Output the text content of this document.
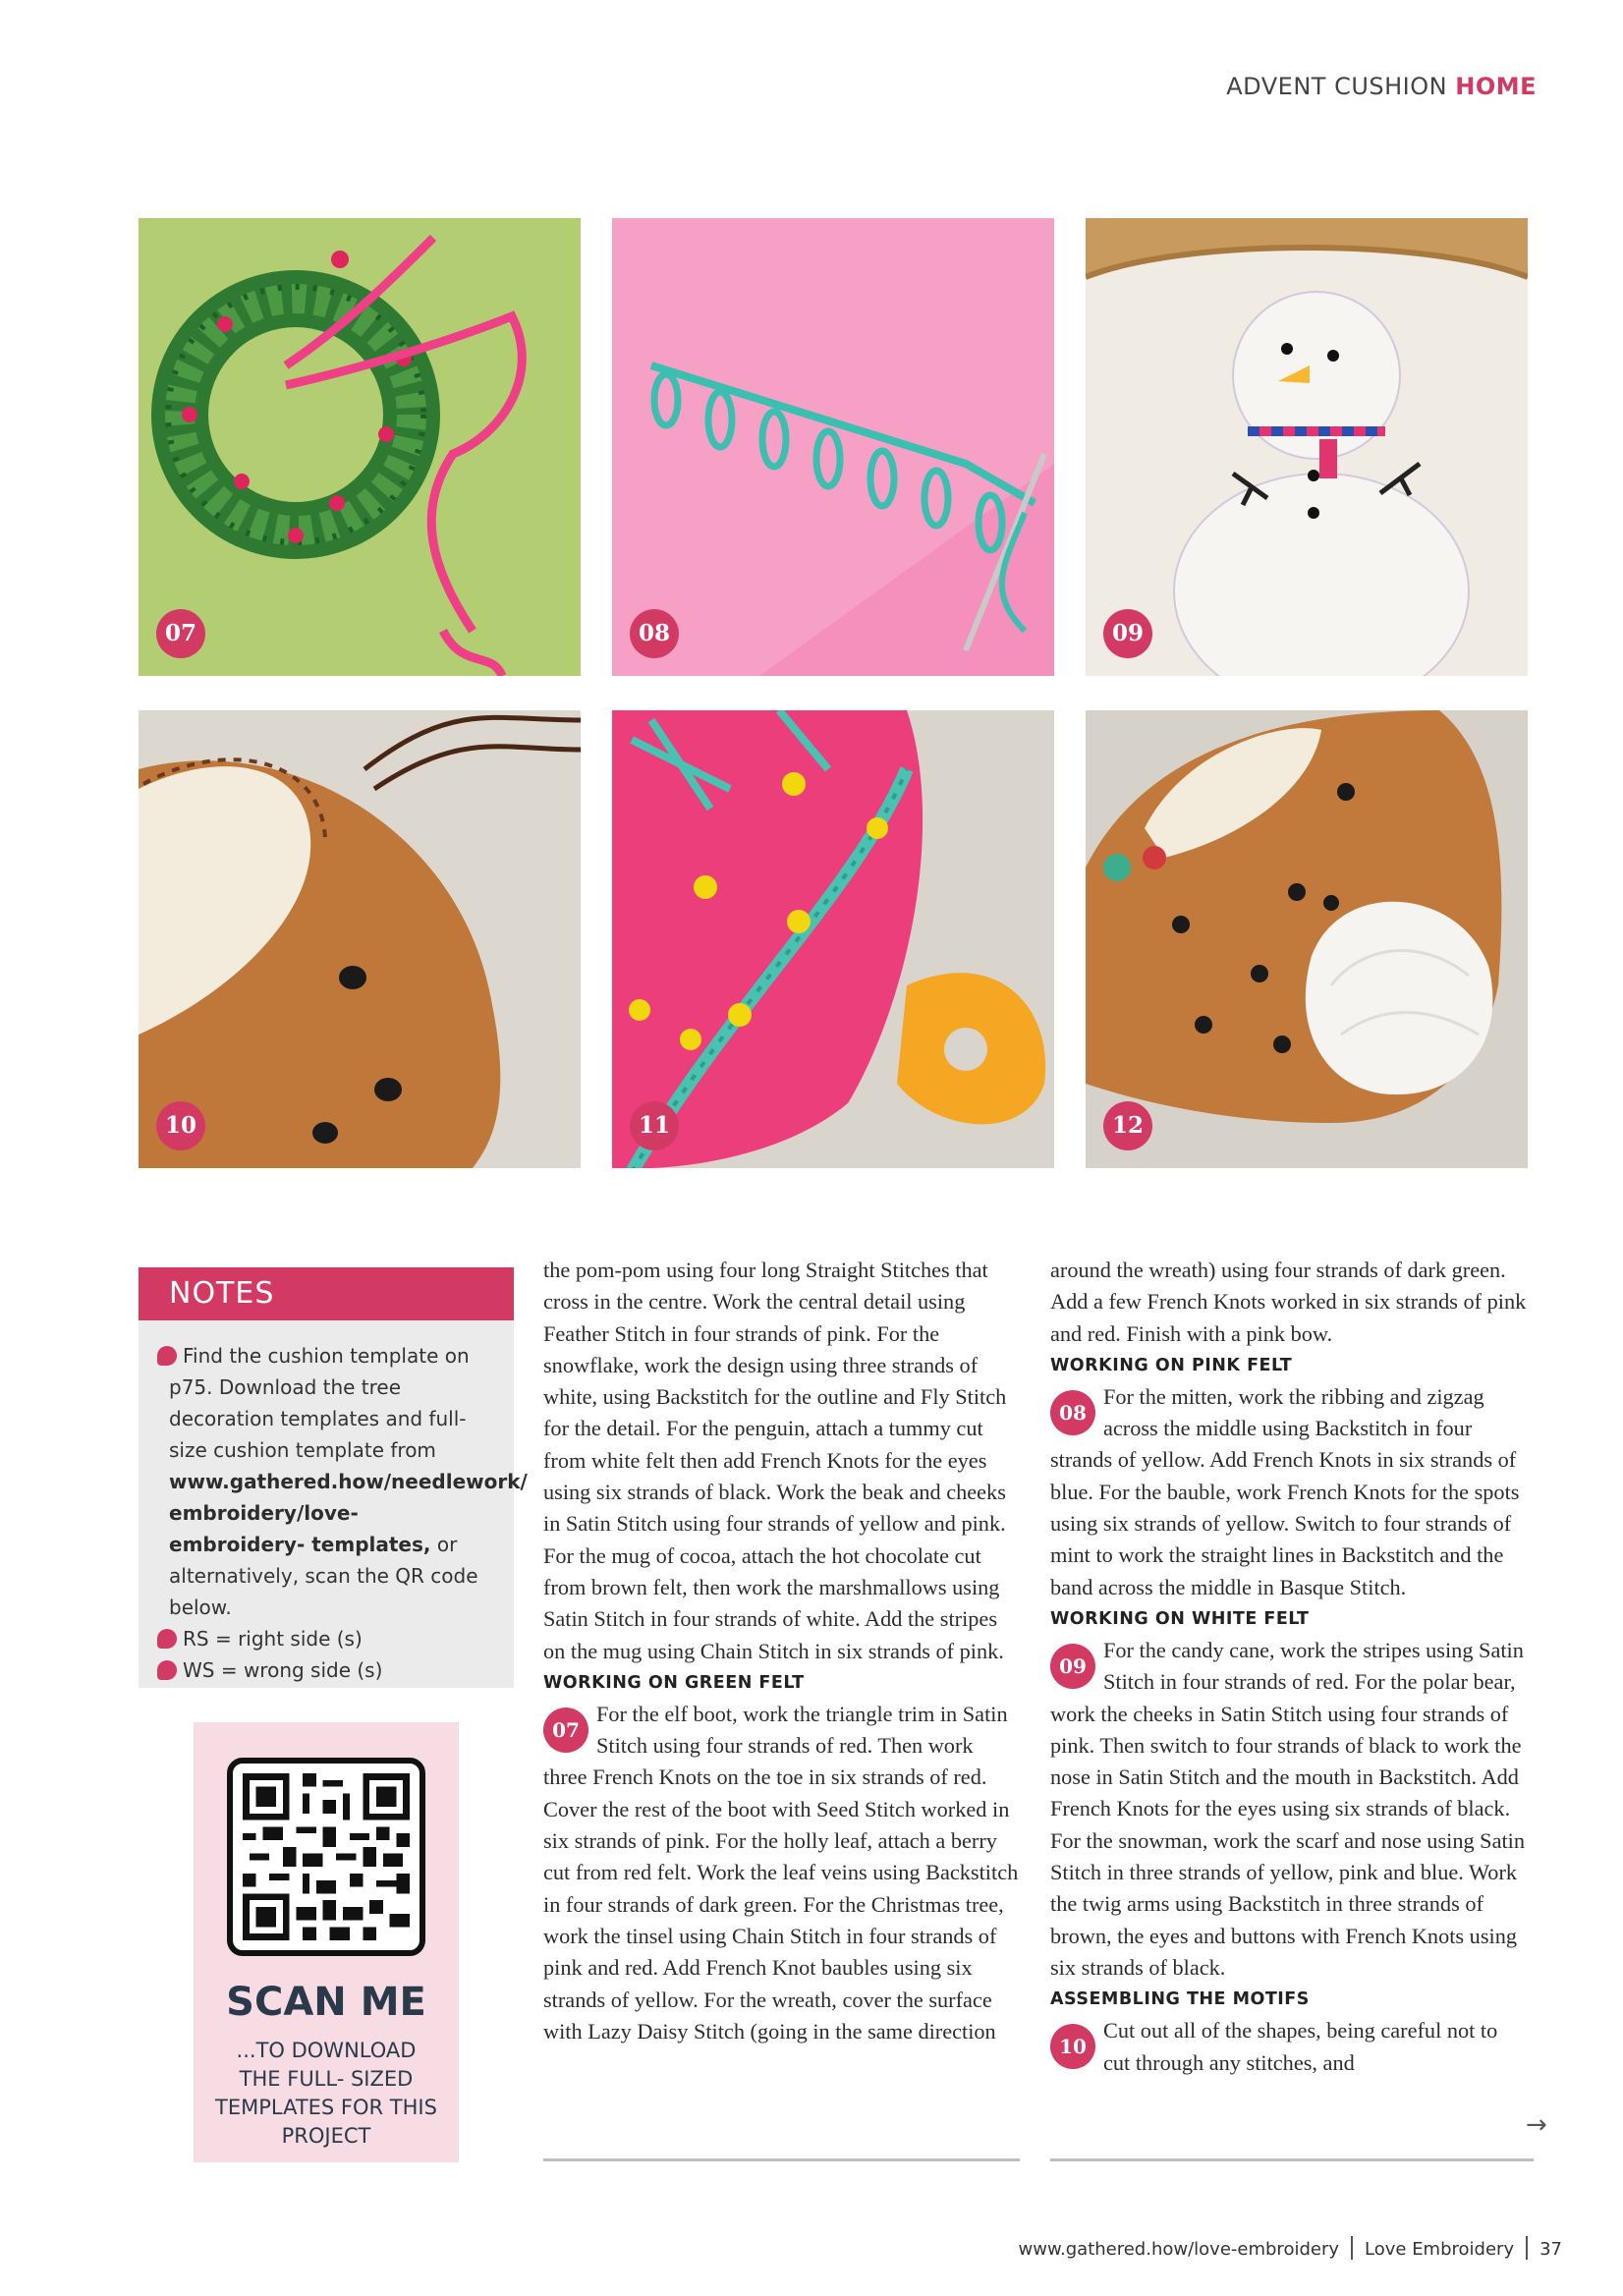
ADVENT CUSHION HOME
07	08	09
10	11	12
NOTES
Find the cushion template on p75. Download the tree decoration templates and full-size cushion template from www.gathered.how/needlework/ embroidery/love-embroidery- templates, or alternatively, scan the QR code below.
RS = right side (s)
WS = wrong side (s)
SCAN ME
...TO DOWNLOAD THE FULL- SIZED TEMPLATES FOR THIS PROJECT

the pom-pom using four long Straight Stitches that cross in the centre. Work the central detail using Feather Stitch in four strands of pink. For the snowflake, work the design using three strands of white, using Backstitch for the outline and Fly Stitch for the detail. For the penguin, attach a tummy cut from white felt then add French Knots for the eyes using six strands of black. Work the beak and cheeks in Satin Stitch using four strands of yellow and pink. For the mug of cocoa, attach the hot chocolate cut from brown felt, then work the marshmallows using Satin Stitch in four strands of white. Add the stripes on the mug using Chain Stitch in six strands of pink.

WORKING ON GREEN FELT

07
For the elf boot, work the triangle trim in Satin Stitch using four strands of red. Then work three French Knots on the toe in six strands of red. Cover the rest of the boot with Seed Stitch worked in six strands of pink. For the holly leaf, attach a berry cut from red felt. Work the leaf veins using Backstitch in four strands of dark green. For the Christmas tree, work the tinsel using Chain Stitch in four strands of pink and red. Add French Knot baubles using six strands of yellow. For the wreath, cover the surface with Lazy Daisy Stitch (going in the same direction

around the wreath) using four strands of dark green. Add a few French Knots worked in six strands of pink and red. Finish with a pink bow.

WORKING ON PINK FELT

08
For the mitten, work the ribbing and zigzag across the middle using Backstitch in four strands of yellow. Add French Knots in six strands of blue. For the bauble, work French Knots for the spots using six strands of yellow. Switch to four strands of mint to work the straight lines in Backstitch and the band across the middle in Basque Stitch.

WORKING ON WHITE FELT

09
For the candy cane, work the stripes using Satin Stitch in four strands of red. For the polar bear, work the cheeks in Satin Stitch using four strands of pink. Then switch to four strands of black to work the nose in Satin Stitch and the mouth in Backstitch. Add French Knots for the eyes using six strands of black. For the snowman, work the scarf and nose using Satin Stitch in three strands of yellow, pink and blue. Work the twig arms using Backstitch in three strands of brown, the eyes and buttons with French Knots using six strands of black.

ASSEMBLING THE MOTIFS

10
Cut out all of the shapes, being careful not to cut through any stitches, and

→
www.gathered.how/love-embroidery Love Embroidery 37
